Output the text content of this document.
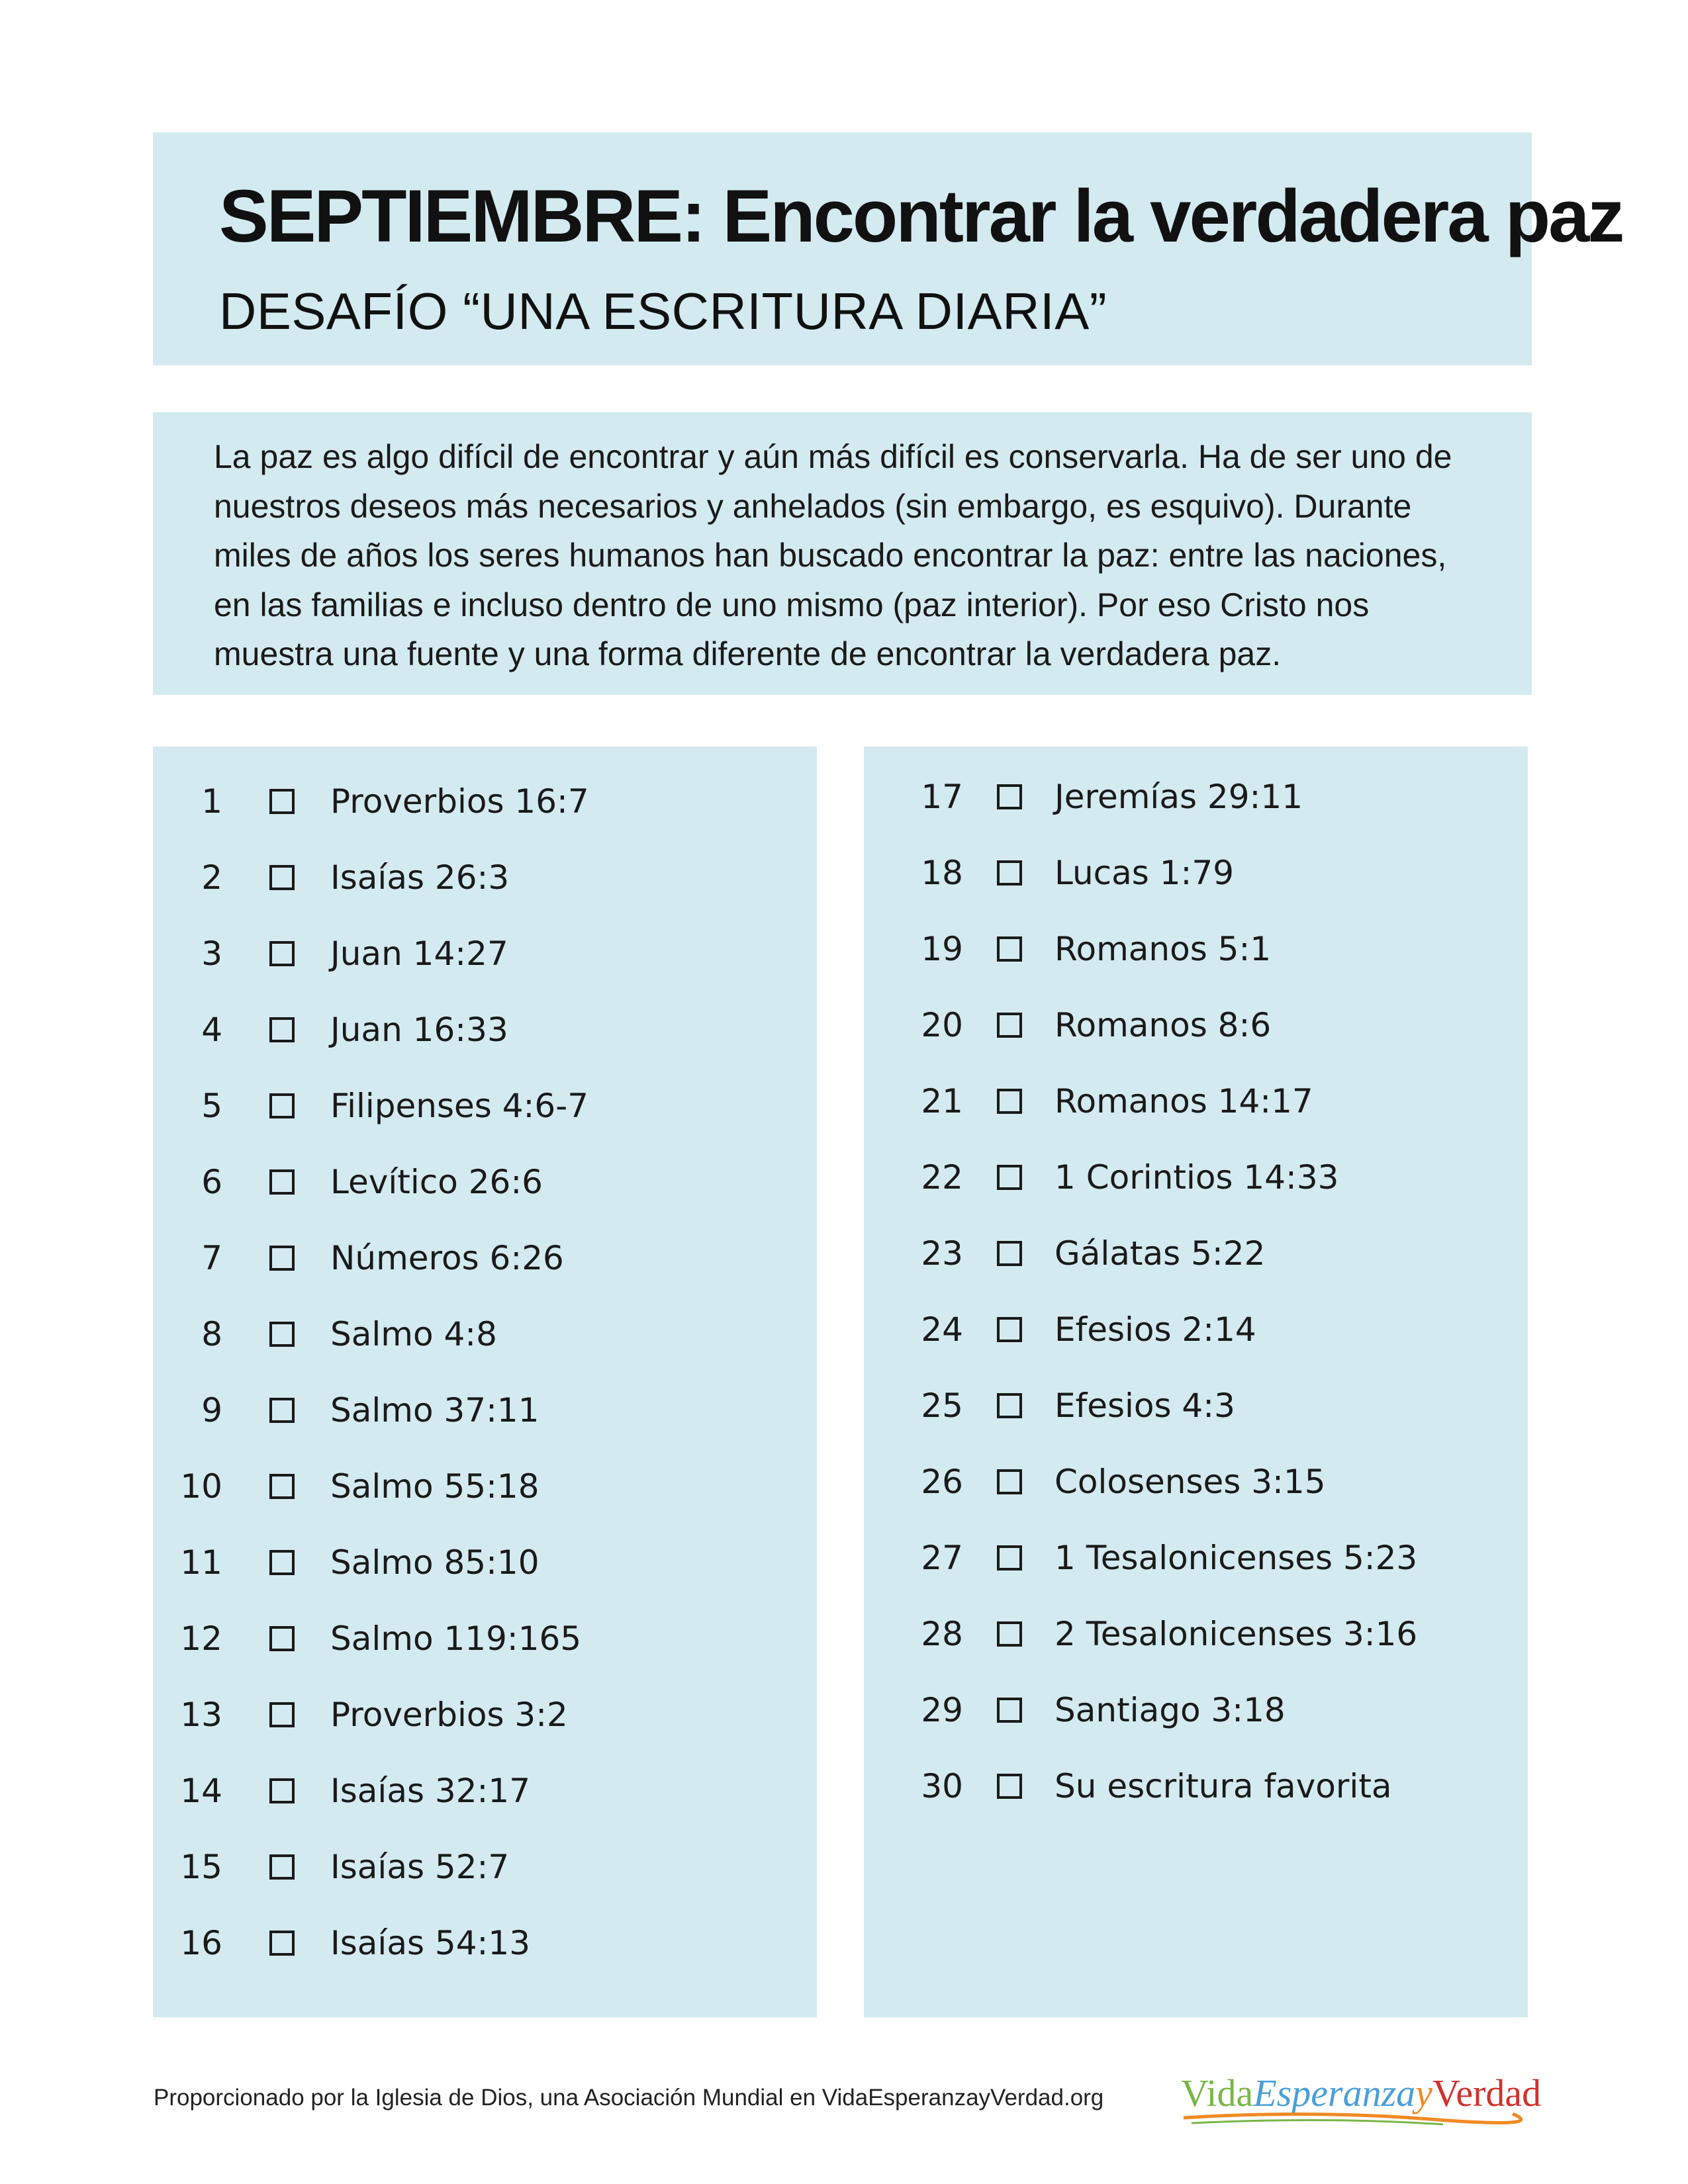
SEPTIEMBRE: Encontrar la verdadera paz
DESAFÍO “UNA ESCRITURA DIARIA”

La paz es algo difícil de encontrar y aún más difícil es conservarla. Ha de ser uno de nuestros deseos más necesarios y anhelados (sin embargo, es esquivo). Durante miles de años los seres humanos han buscado encontrar la paz: entre las naciones, en las familias e incluso dentro de uno mismo (paz interior). Por eso Cristo nos muestra una fuente y una forma diferente de encontrar la verdadera paz.

1	Proverbios 16:7
2	Isaías 26:3
3	Juan 14:27
4	Juan 16:33
5	Filipenses 4:6-7
6	Levítico 26:6
7	Números 6:26
8	Salmo 4:8
9	Salmo 37:11
10	Salmo 55:18
11	Salmo 85:10
12	Salmo 119:165
13	Proverbios 3:2
14	Isaías 32:17
15	Isaías 52:7
16	Isaías 54:13
17	Jeremías 29:11
18	Lucas 1:79
19	Romanos 5:1
20	Romanos 8:6
21	Romanos 14:17
22	1 Corintios 14:33
23	Gálatas 5:22
24	Efesios 2:14
25	Efesios 4:3
26	Colosenses 3:15
27	1 Tesalonicenses 5:23
28	2 Tesalonicenses 3:16
29	Santiago 3:18
30	Su escritura favorita

Proporcionado por la Iglesia de Dios, una Asociación Mundial en VidaEsperanzayVerdad.org VidaEsperanzayVerdad
